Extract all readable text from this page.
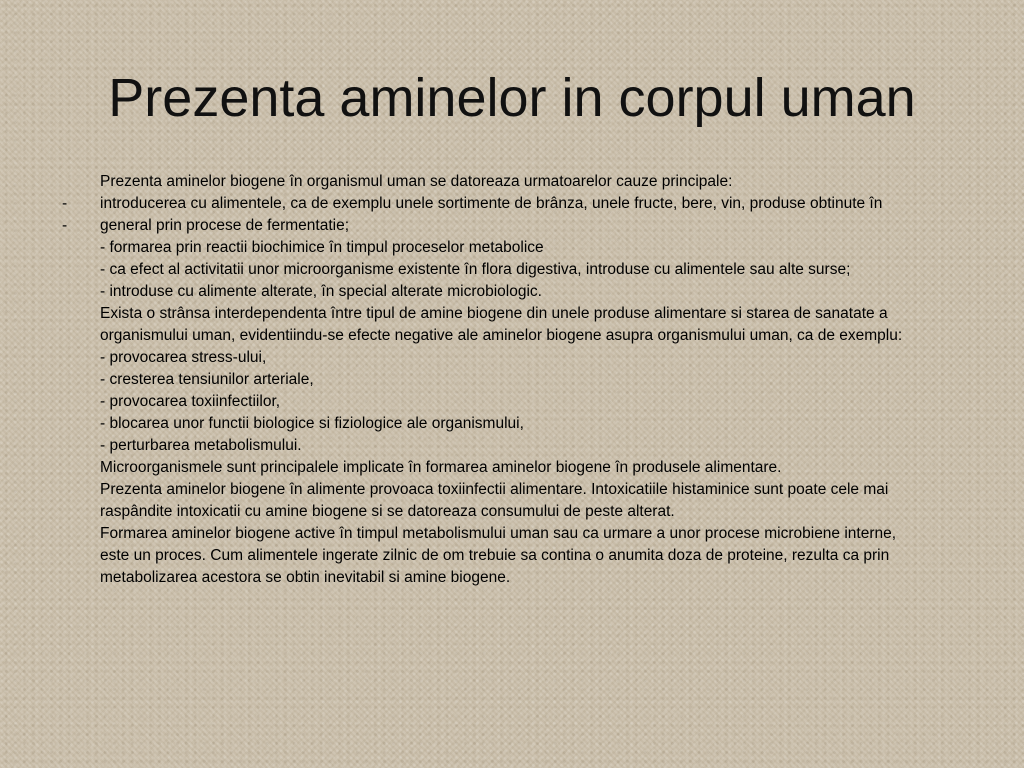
Prezenta aminelor in corpul uman
Prezenta aminelor biogene în organismul uman se datoreaza urmatoarelor cauze principale:
- introducerea cu alimentele, ca de exemplu unele sortimente de brânza, unele fructe, bere, vin, produse obtinute în
- general prin procese de fermentatie;
- formarea prin reactii biochimice în timpul proceselor metabolice
- ca efect al activitatii unor microorganisme existente în flora digestiva, introduse cu alimentele sau alte surse;
- introduse cu alimente alterate, în special alterate microbiologic.
Exista o strânsa interdependenta între tipul de amine biogene din unele produse alimentare si starea de sanatate a
organismului uman, evidentiindu-se efecte negative ale aminelor biogene asupra organismului uman, ca de exemplu:
- provocarea stress-ului,
- cresterea tensiunilor arteriale,
- provocarea toxiinfectiilor,
- blocarea unor functii biologice si fiziologice ale organismului,
- perturbarea metabolismului.
Microorganismele sunt principalele implicate în formarea aminelor biogene în produsele alimentare.
Prezenta aminelor biogene în alimente provoaca toxiinfectii alimentare. Intoxicatiile histaminice sunt poate cele mai
raspândite intoxicatii cu amine biogene si se datoreaza consumului de peste alterat.
Formarea aminelor biogene active în timpul metabolismului uman sau ca urmare a unor procese microbiene interne,
este un proces. Cum alimentele ingerate zilnic de om trebuie sa contina o anumita doza de proteine, rezulta ca prin
metabolizarea acestora se obtin inevitabil si amine biogene.
